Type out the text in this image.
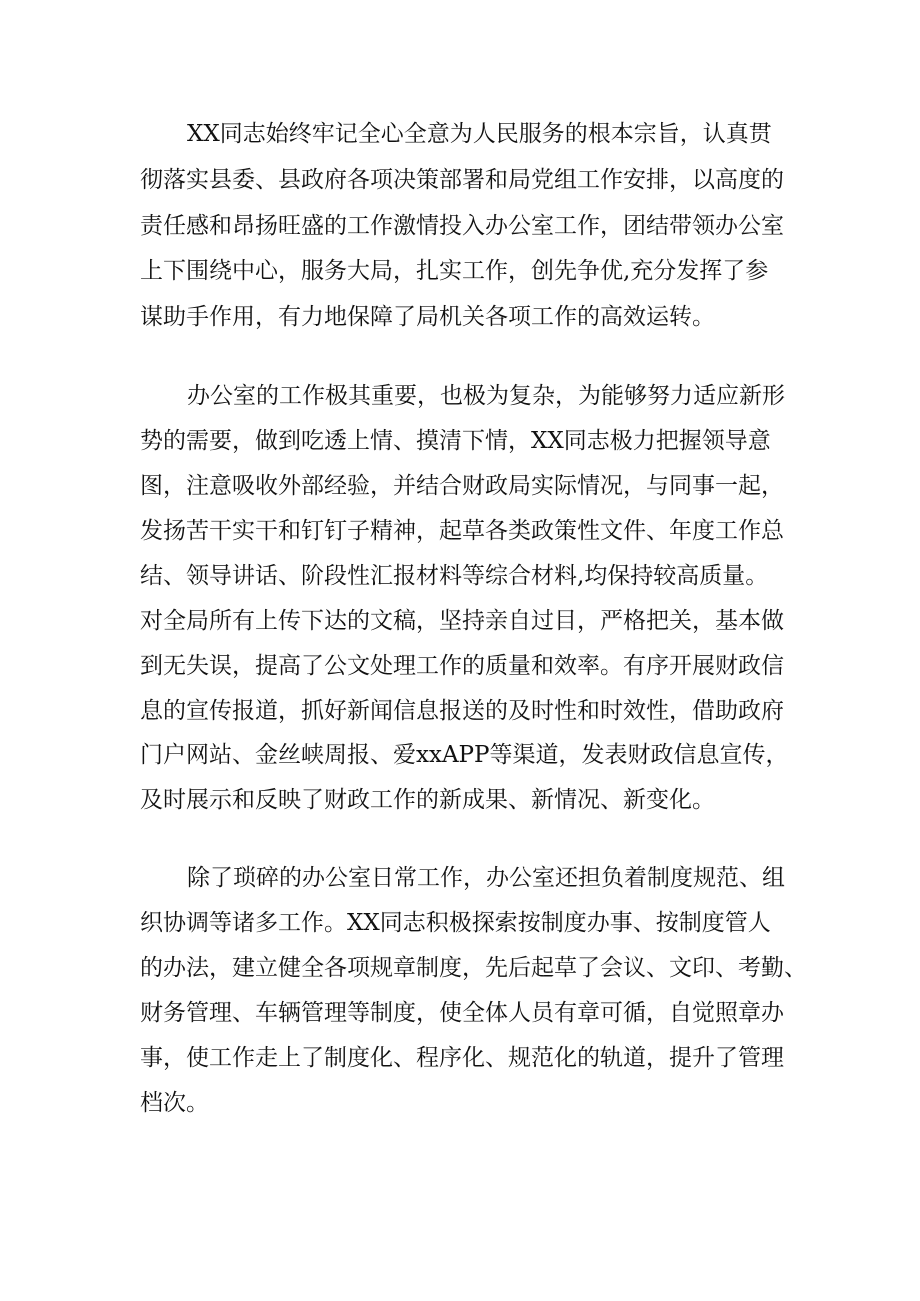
XX同志始终牢记全心全意为人民服务的根本宗旨，认真贯
彻落实县委、县政府各项决策部署和局党组工作安排，以高度的
责任感和昂扬旺盛的工作激情投入办公室工作，团结带领办公室
上下围绕中心，服务大局，扎实工作，创先争优,充分发挥了参
谋助手作用，有力地保障了局机关各项工作的高效运转。
办公室的工作极其重要，也极为复杂，为能够努力适应新形
势的需要，做到吃透上情、摸清下情，XX同志极力把握领导意
图，注意吸收外部经验，并结合财政局实际情况，与同事一起，
发扬苦干实干和钉钉子精神，起草各类政策性文件、年度工作总
结、领导讲话、阶段性汇报材料等综合材料,均保持较高质量。
对全局所有上传下达的文稿，坚持亲自过目，严格把关，基本做
到无失误，提高了公文处理工作的质量和效率。有序开展财政信
息的宣传报道，抓好新闻信息报送的及时性和时效性，借助政府
门户网站、金丝峡周报、爱xxAPP等渠道，发表财政信息宣传，
及时展示和反映了财政工作的新成果、新情况、新变化。
除了琐碎的办公室日常工作，办公室还担负着制度规范、组
织协调等诸多工作。XX同志积极探索按制度办事、按制度管人
的办法，建立健全各项规章制度，先后起草了会议、文印、考勤、
财务管理、车辆管理等制度，使全体人员有章可循，自觉照章办
事，使工作走上了制度化、程序化、规范化的轨道，提升了管理
档次。
